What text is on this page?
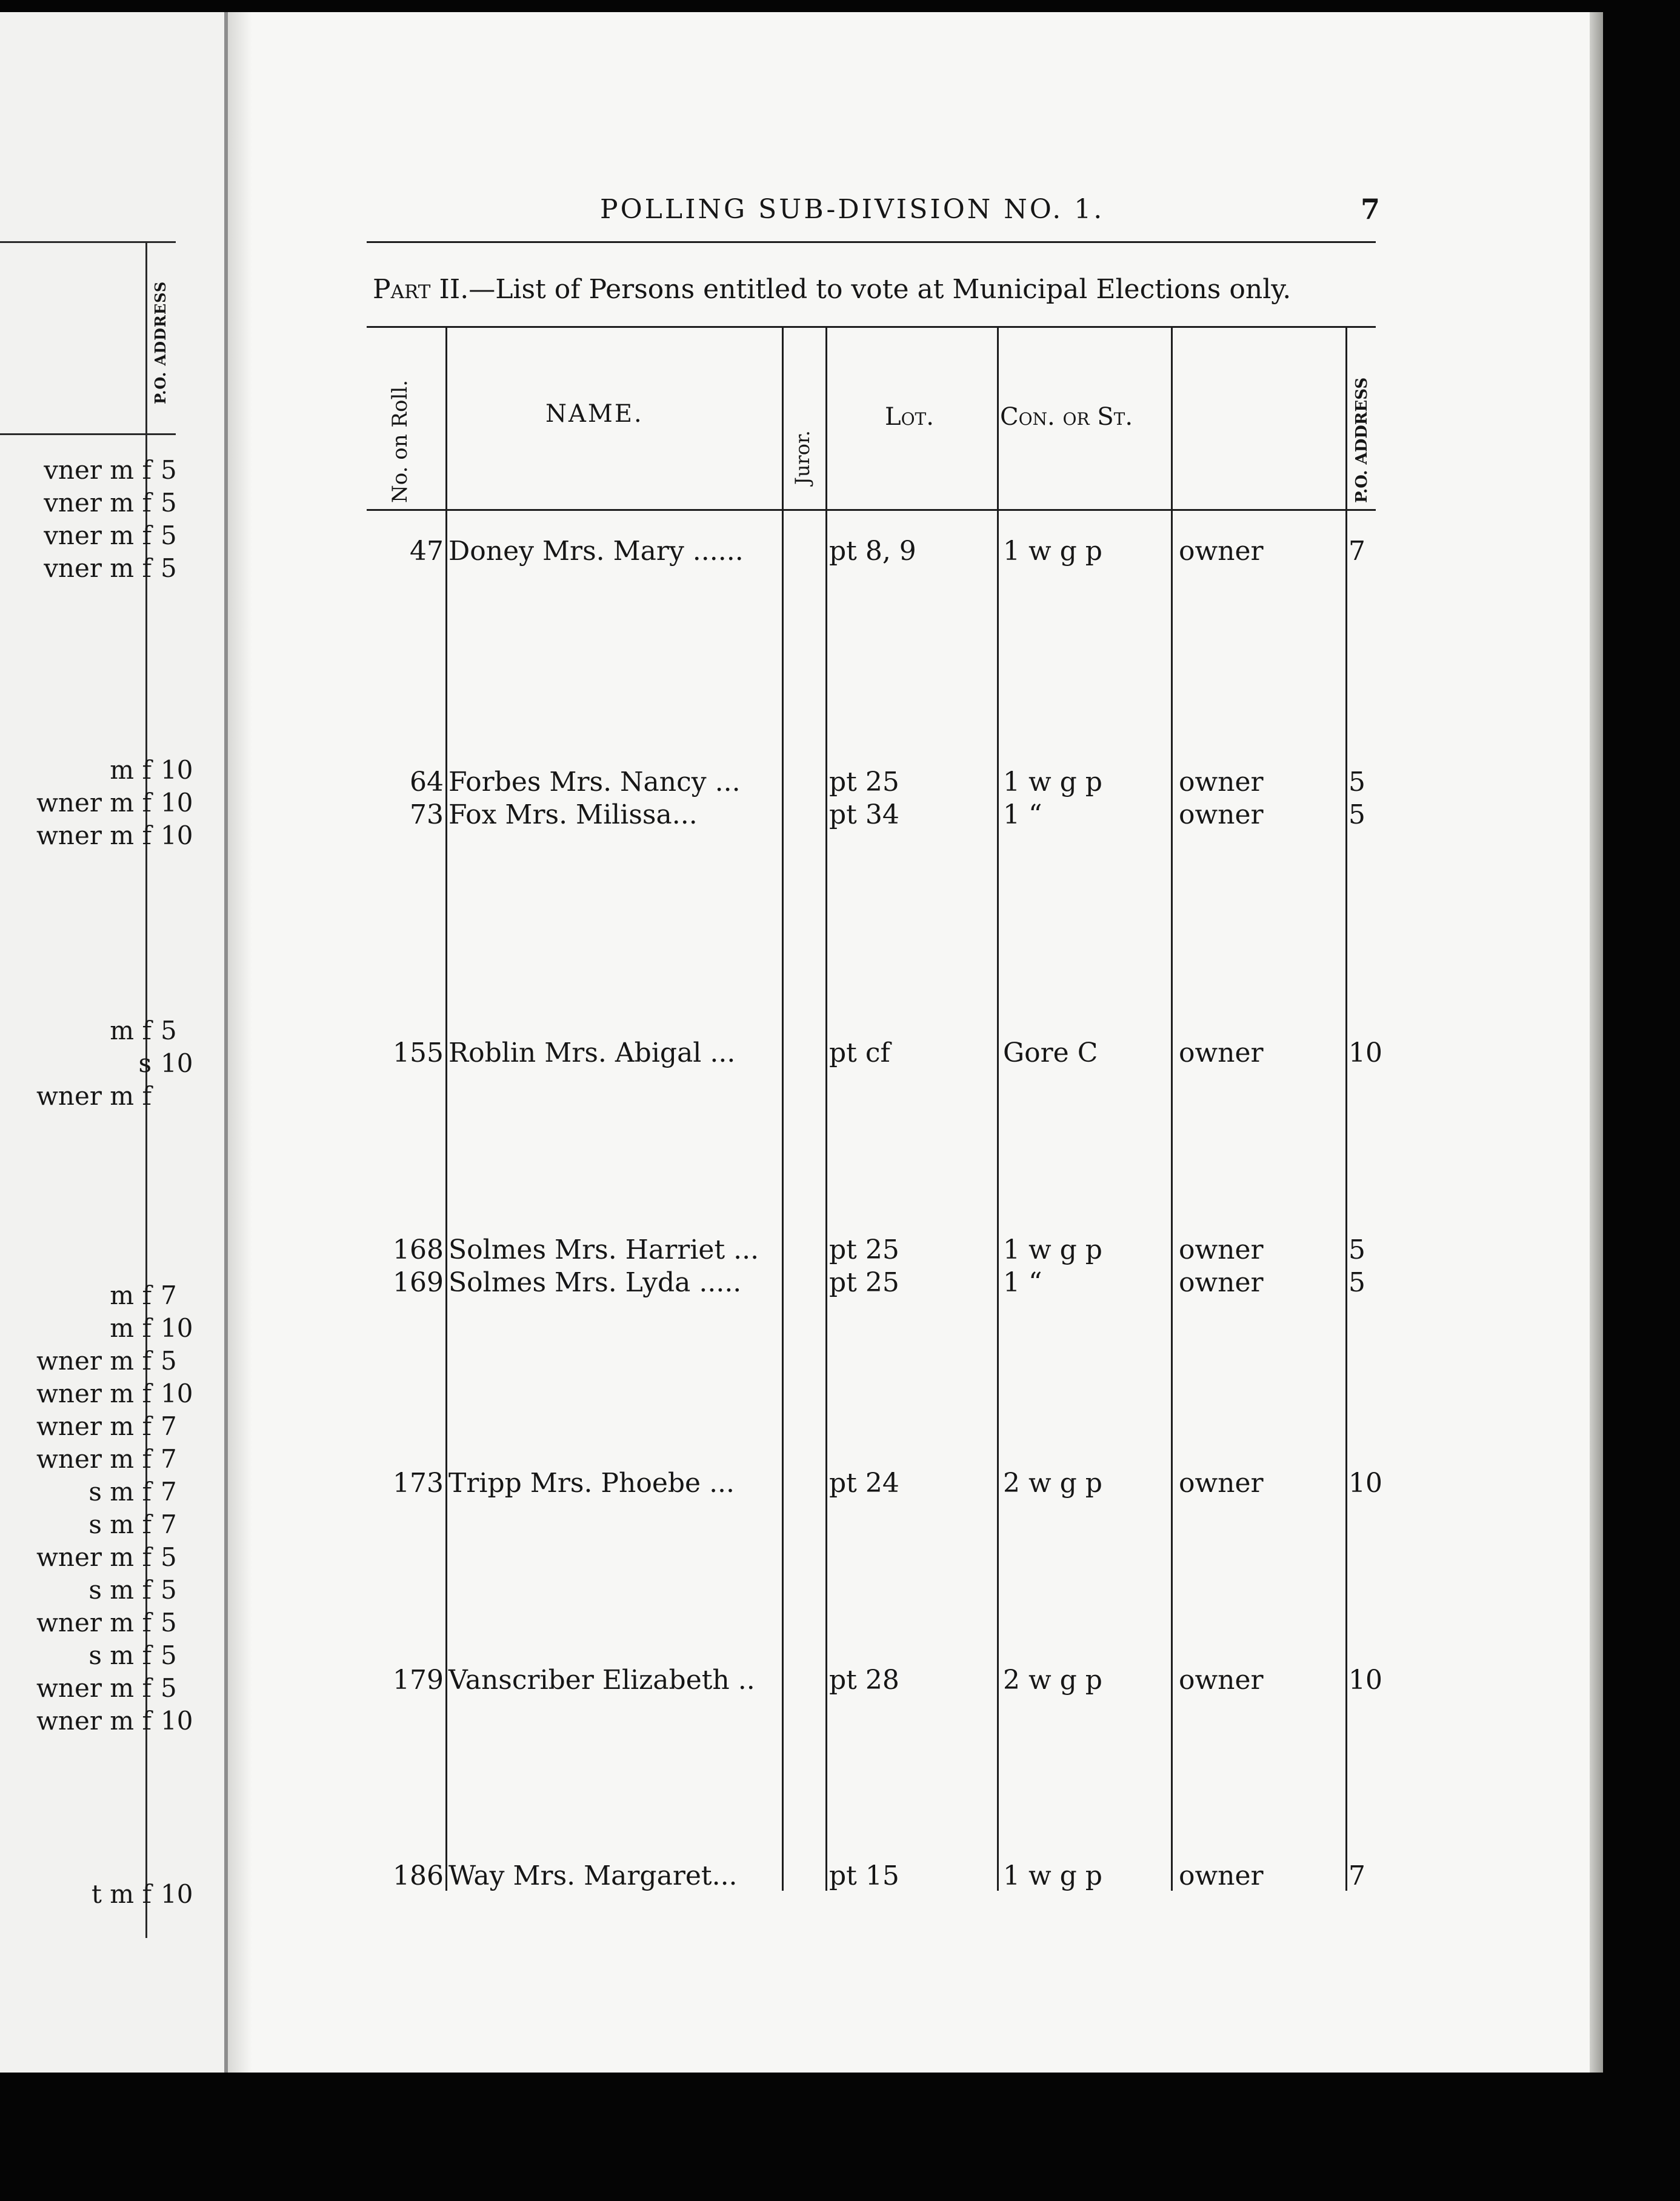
P.O. ADDRESS
vner m f 5
vner m f 5
vner m f 5
vner m f 5
m f 10
wner m f 10
wner m f 10
m f 5
s 10
wner m f
m f 7
m f 10
wner m f 5
wner m f 10
wner m f 7
wner m f 7
s m f 7
s m f 7
wner m f 5
s m f 5
wner m f 5
s m f 5
wner m f 5
wner m f 10
t m f 10
POLLING SUB-DIVISION NO. 1.	7
Part II.—List of Persons entitled to vote at Municipal Elections only.
No. on Roll.	NAME.
Juror.
Lot.	Con. or St.	P.O. ADDRESS
47 Doney Mrs. Mary ......	pt 8, 9	1 w g p	owner	7
64 Forbes Mrs. Nancy ...	pt 25	1 w g p	owner	5
73 Fox Mrs. Milissa...	pt 34	1 “	owner	5
155 Roblin Mrs. Abigal ...	pt cf	Gore C	owner	10
168 Solmes Mrs. Harriet ...	pt 25	1 w g p	owner	5
169 Solmes Mrs. Lyda .....	pt 25	1 “	owner	5
173 Tripp Mrs. Phoebe ...	pt 24	2 w g p	owner	10
179 Vanscriber Elizabeth ..	pt 28	2 w g p	owner	10
186 Way Mrs. Margaret...	pt 15	1 w g p	owner	7
